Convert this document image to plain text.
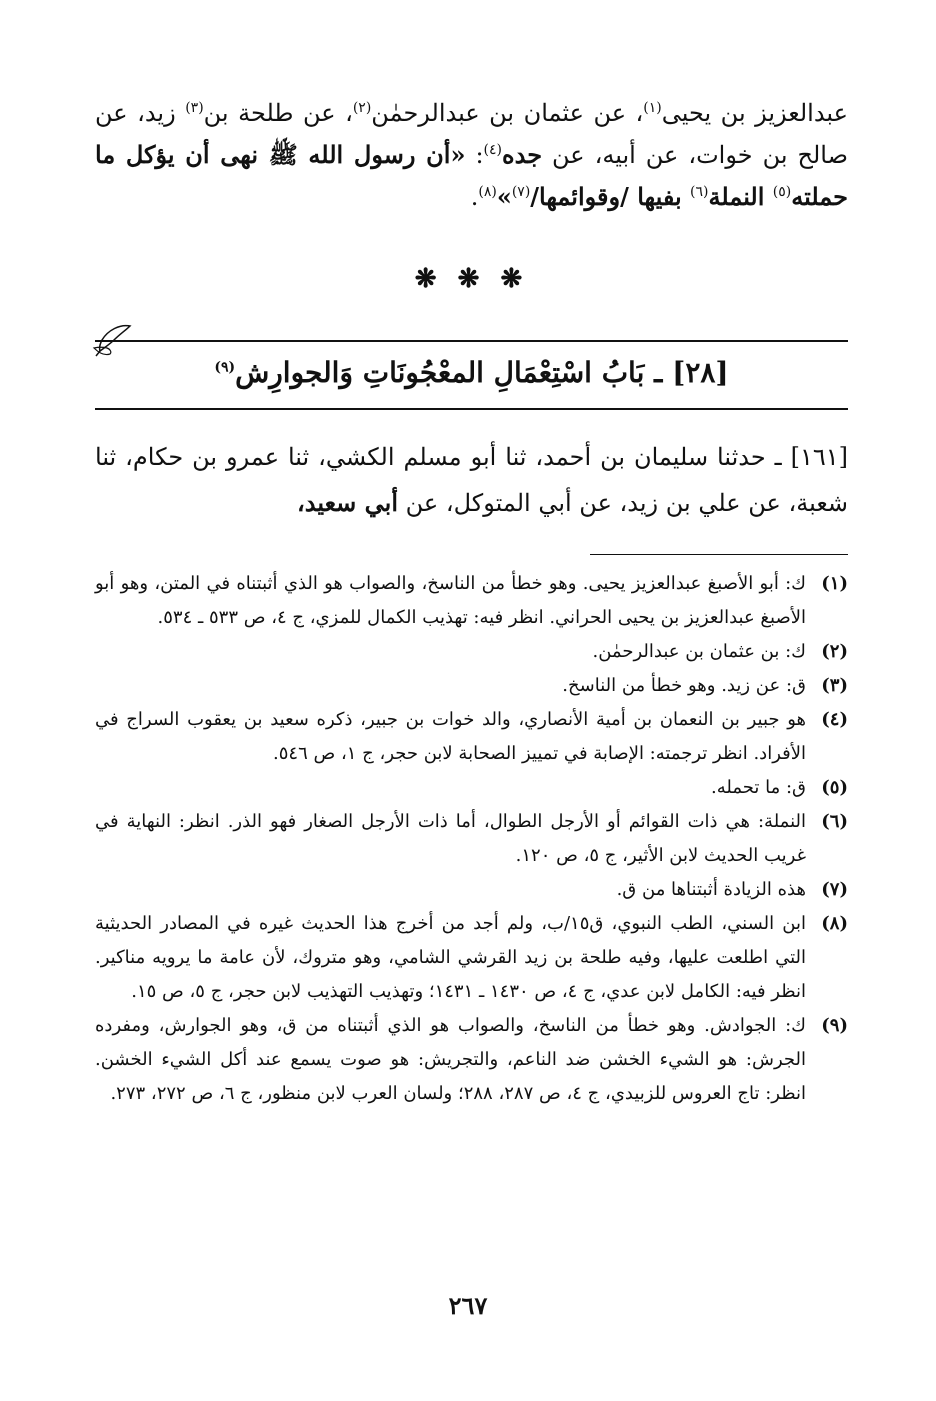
عبدالعزيز بن يحيى$^{(١)}$، عن عثمان بن عبدالرحمٰن$^{(٢)}$، عن طلحة بن$^{(٣)}$ زيد، عن صالح بن خوات، عن أبيه، عن جده$^{(٤)}$: «أن رسول الله ﷺ نهى أن يؤكل ما حملته$^{(٥)}$ النملة$^{(٦)}$ بفيها /وقوائمها/$^{(٧)}$»$^{(٨)}$.

❋ ❋ ❋
[٢٨] ـ بَابُ اسْتِعْمَالِ المعْجُونَاتِ وَالجوارِش$^{(٩)}$

[١٦١] ـ حدثنا سليمان بن أحمد، ثنا أبو مسلم الكشي، ثنا عمرو بن حكام، ثنا شعبة، عن علي بن زيد، عن أبي المتوكل، عن أبي سعيد،

(١)
ك: أبو الأصبغ عبدالعزيز يحيى. وهو خطأ من الناسخ، والصواب هو الذي أثبتناه في المتن، وهو أبو الأصبغ عبدالعزيز بن يحيى الحراني. انظر فيه: تهذيب الكمال للمزي، ج ٤، ص ٥٣٣ ـ ٥٣٤.
(٢)
ك: بن عثمان بن عبدالرحمٰن.
(٣)
ق: عن زيد. وهو خطأ من الناسخ.
(٤)
هو جبير بن النعمان بن أمية الأنصاري، والد خوات بن جبير، ذكره سعيد بن يعقوب السراج في الأفراد. انظر ترجمته: الإصابة في تمييز الصحابة لابن حجر، ج ١، ص ٥٤٦.
(٥)
ق: ما تحمله.
(٦)
النملة: هي ذات القوائم أو الأرجل الطوال، أما ذات الأرجل الصغار فهو الذر. انظر: النهاية في غريب الحديث لابن الأثير، ج ٥، ص ١٢٠.
(٧)
هذه الزيادة أثبتناها من ق.
(٨)
ابن السني، الطب النبوي، ق١٥/ب، ولم أجد من أخرج هذا الحديث غيره في المصادر الحديثية التي اطلعت عليها، وفيه طلحة بن زيد القرشي الشامي، وهو متروك، لأن عامة ما يرويه مناكير. انظر فيه: الكامل لابن عدي، ج ٤، ص ١٤٣٠ ـ ١٤٣١؛ وتهذيب التهذيب لابن حجر، ج ٥، ص ١٥.
(٩)
ك: الجوادش. وهو خطأ من الناسخ، والصواب هو الذي أثبتناه من ق، وهو الجوارش، ومفرده الجرش: هو الشيء الخشن ضد الناعم، والتجريش: هو صوت يسمع عند أكل الشيء الخشن. انظر: تاج العروس للزبيدي، ج ٤، ص ٢٨٧، ٢٨٨؛ ولسان العرب لابن منظور، ج ٦، ص ٢٧٢، ٢٧٣.
٢٦٧
